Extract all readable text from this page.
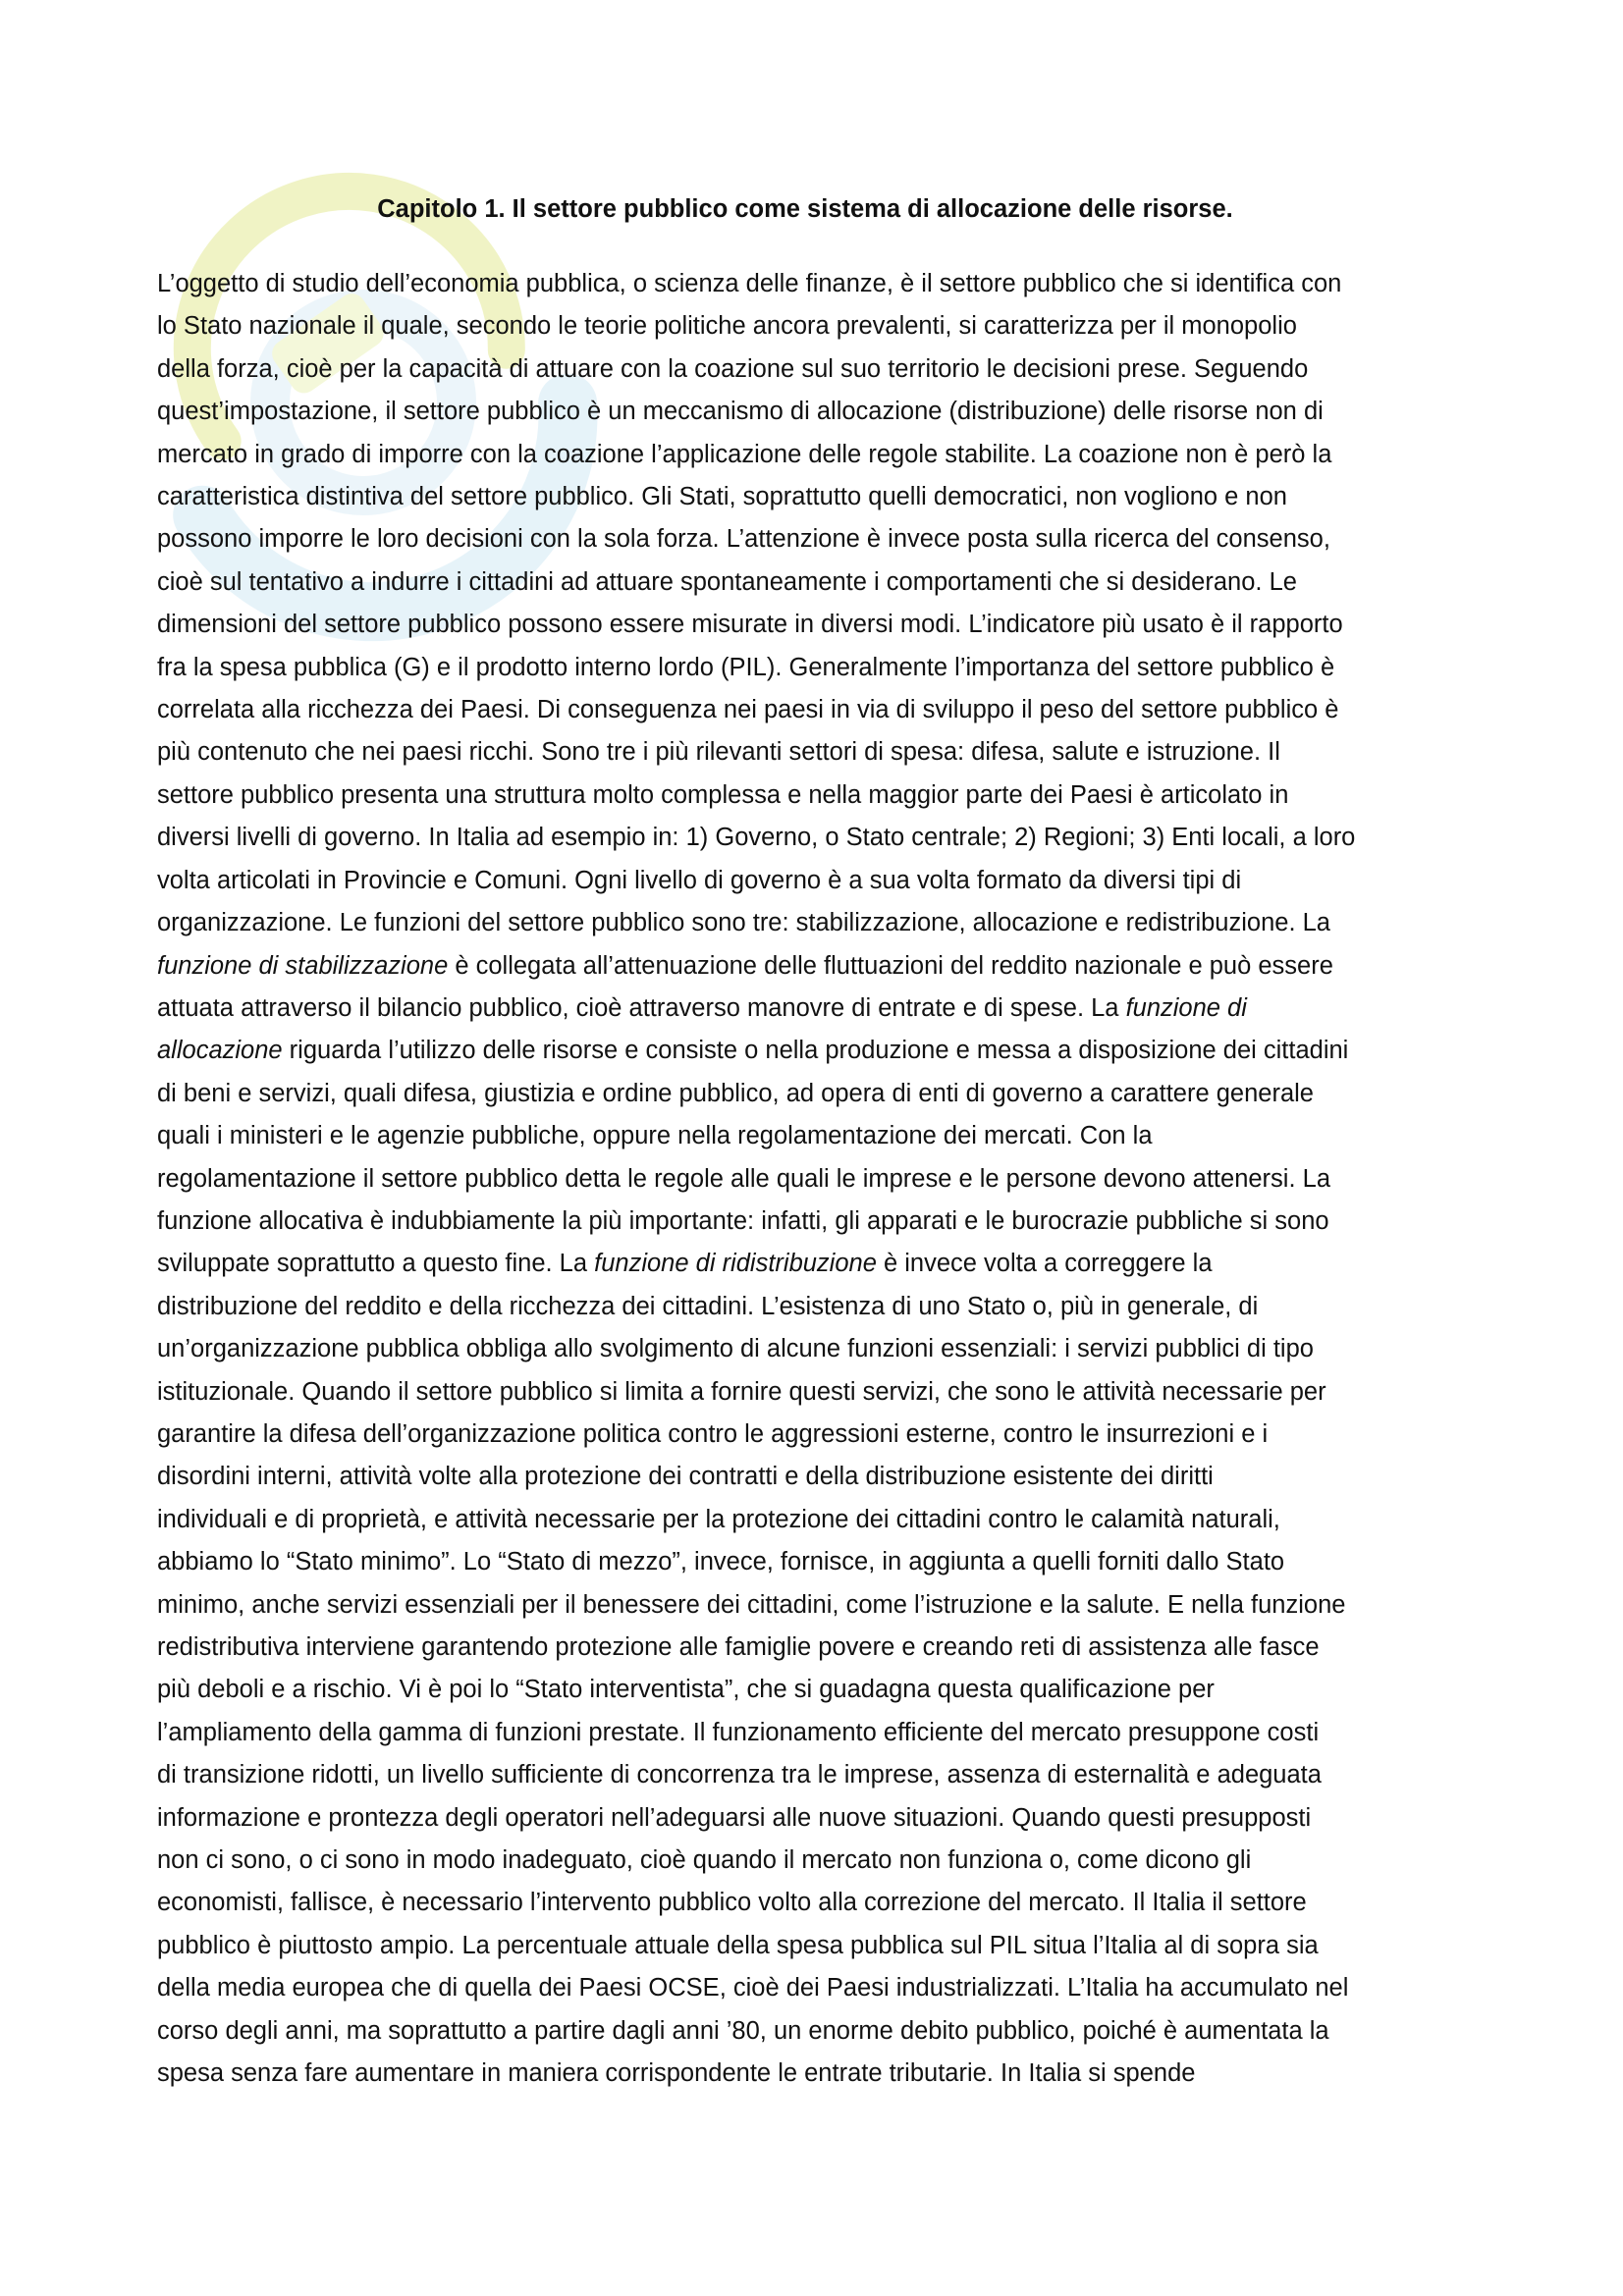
Capitolo 1. Il settore pubblico come sistema di allocazione delle risorse.

L’oggetto di studio dell’economia pubblica, o scienza delle finanze, è il settore pubblico che si identifica con
lo Stato nazionale il quale, secondo le teorie politiche ancora prevalenti, si caratterizza per il monopolio
della forza, cioè per la capacità di attuare con la coazione sul suo territorio le decisioni prese. Seguendo
quest’impostazione, il settore pubblico è un meccanismo di allocazione (distribuzione) delle risorse non di
mercato in grado di imporre con la coazione l’applicazione delle regole stabilite. La coazione non è però la
caratteristica distintiva del settore pubblico. Gli Stati, soprattutto quelli democratici, non vogliono e non
possono imporre le loro decisioni con la sola forza. L’attenzione è invece posta sulla ricerca del consenso,
cioè sul tentativo a indurre i cittadini ad attuare spontaneamente i comportamenti che si desiderano. Le
dimensioni del settore pubblico possono essere misurate in diversi modi. L’indicatore più usato è il rapporto
fra la spesa pubblica (G) e il prodotto interno lordo (PIL). Generalmente l’importanza del settore pubblico è
correlata alla ricchezza dei Paesi. Di conseguenza nei paesi in via di sviluppo il peso del settore pubblico è
più contenuto che nei paesi ricchi. Sono tre i più rilevanti settori di spesa: difesa, salute e istruzione. Il
settore pubblico presenta una struttura molto complessa e nella maggior parte dei Paesi è articolato in
diversi livelli di governo. In Italia ad esempio in: 1) Governo, o Stato centrale; 2) Regioni; 3) Enti locali, a loro
volta articolati in Provincie e Comuni. Ogni livello di governo è a sua volta formato da diversi tipi di
organizzazione. Le funzioni del settore pubblico sono tre: stabilizzazione, allocazione e redistribuzione. La
funzione di stabilizzazione è collegata all’attenuazione delle fluttuazioni del reddito nazionale e può essere
attuata attraverso il bilancio pubblico, cioè attraverso manovre di entrate e di spese. La funzione di
allocazione riguarda l’utilizzo delle risorse e consiste o nella produzione e messa a disposizione dei cittadini
di beni e servizi, quali difesa, giustizia e ordine pubblico, ad opera di enti di governo a carattere generale
quali i ministeri e le agenzie pubbliche, oppure nella regolamentazione dei mercati. Con la
regolamentazione il settore pubblico detta le regole alle quali le imprese e le persone devono attenersi. La
funzione allocativa è indubbiamente la più importante: infatti, gli apparati e le burocrazie pubbliche si sono
sviluppate soprattutto a questo fine. La funzione di ridistribuzione è invece volta a correggere la
distribuzione del reddito e della ricchezza dei cittadini. L’esistenza di uno Stato o, più in generale, di
un’organizzazione pubblica obbliga allo svolgimento di alcune funzioni essenziali: i servizi pubblici di tipo
istituzionale. Quando il settore pubblico si limita a fornire questi servizi, che sono le attività necessarie per
garantire la difesa dell’organizzazione politica contro le aggressioni esterne, contro le insurrezioni e i
disordini interni, attività volte alla protezione dei contratti e della distribuzione esistente dei diritti
individuali e di proprietà, e attività necessarie per la protezione dei cittadini contro le calamità naturali,
abbiamo lo “Stato minimo”. Lo “Stato di mezzo”, invece, fornisce, in aggiunta a quelli forniti dallo Stato
minimo, anche servizi essenziali per il benessere dei cittadini, come l’istruzione e la salute. E nella funzione
redistributiva interviene garantendo protezione alle famiglie povere e creando reti di assistenza alle fasce
più deboli e a rischio. Vi è poi lo “Stato interventista”, che si guadagna questa qualificazione per
l’ampliamento della gamma di funzioni prestate. Il funzionamento efficiente del mercato presuppone costi
di transizione ridotti, un livello sufficiente di concorrenza tra le imprese, assenza di esternalità e adeguata
informazione e prontezza degli operatori nell’adeguarsi alle nuove situazioni. Quando questi presupposti
non ci sono, o ci sono in modo inadeguato, cioè quando il mercato non funziona o, come dicono gli
economisti, fallisce, è necessario l’intervento pubblico volto alla correzione del mercato. Il Italia il settore
pubblico è piuttosto ampio. La percentuale attuale della spesa pubblica sul PIL situa l’Italia al di sopra sia
della media europea che di quella dei Paesi OCSE, cioè dei Paesi industrializzati. L’Italia ha accumulato nel
corso degli anni, ma soprattutto a partire dagli anni ’80, un enorme debito pubblico, poiché è aumentata la
spesa senza fare aumentare in maniera corrispondente le entrate tributarie. In Italia si spende
